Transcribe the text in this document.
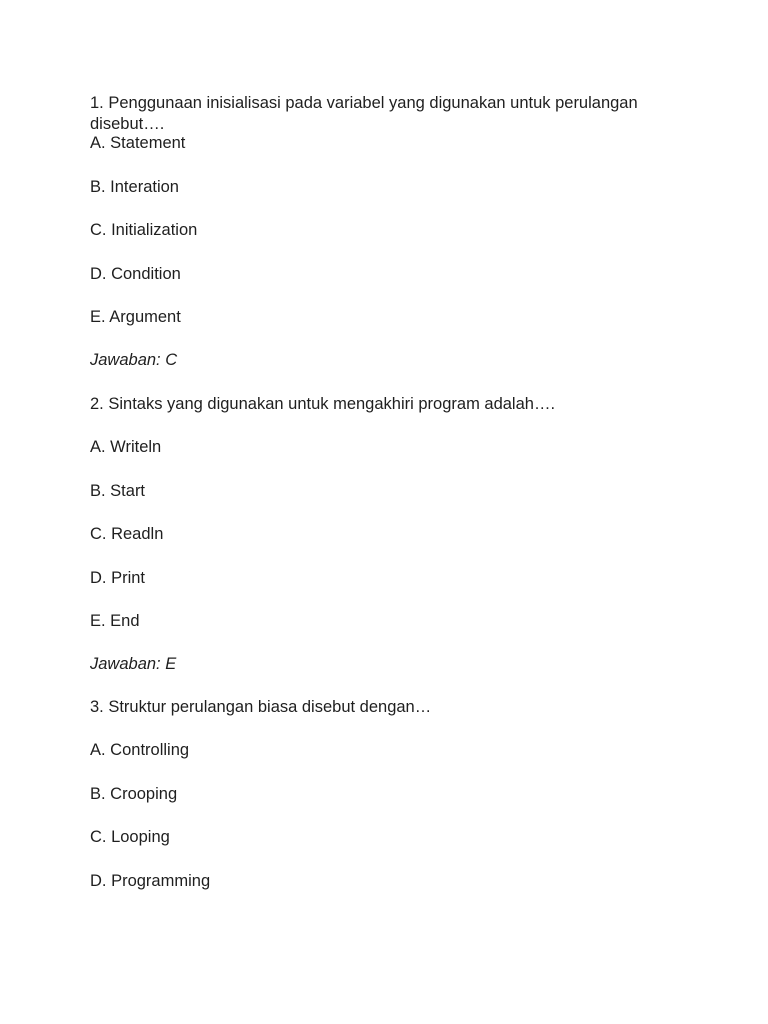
1. Penggunaan inisialisasi pada variabel yang digunakan untuk perulangan
disebut….
A. Statement
B. Interation
C. Initialization
D. Condition
E. Argument
Jawaban: C
2. Sintaks yang digunakan untuk mengakhiri program adalah….
A. Writeln
B. Start
C. Readln
D. Print
E. End
Jawaban: E
3. Struktur perulangan biasa disebut dengan…
A. Controlling
B. Crooping
C. Looping
D. Programming
